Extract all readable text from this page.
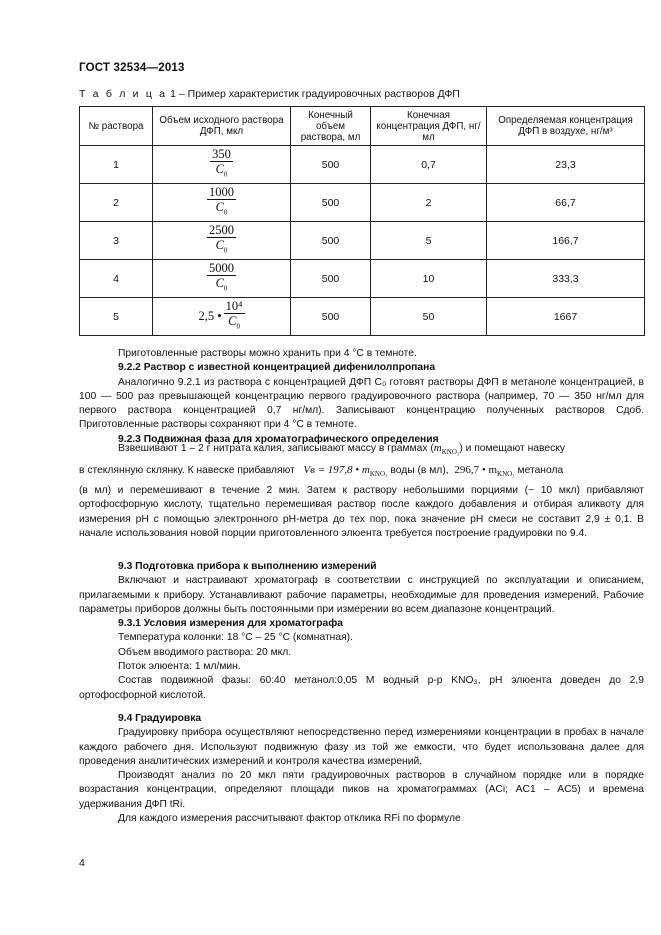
ГОСТ 32534—2013
Т а б л и ц а 1 – Пример характеристик градуировочных растворов ДФП
№ раствора	Объем исходного раствора ДФП, мкл	Конечный объем раствора, мл	Конечная концентрация ДФП, нг/мл	Определяемая концентрация ДФП в воздухе, нг/м³
1	$\frac{350}{C_0}$	500	0,7	23,3
2	$\frac{1000}{C_0}$	500	2	66,7
3	$\frac{2500}{C_0}$	500	5	166,7
4	$\frac{5000}{C_0}$	500	10	333,3
5	2,5 • $\frac{\text{10⁴}}{C_0}$	500	50	1667

Приготовленные растворы можно хранить при 4 °С в темноте.

9.2.2 Раствор с известной концентрацией дифенилолпропана

Аналогично 9.2.1 из раствора с концентрацией ДФП C₀ готовят растворы ДФП в метаноле концентрацией, в 100 — 500 раз превышающей концентрацию первого градуировочного раствора (например, 70 — 350 нг/мл для первого раствора концентрацией 0,7 нг/мл). Записывают концентрацию полученных растворов Cдоб. Приготовленные растворы сохраняют при 4 °С в темноте.

9.2.3 Подвижная фаза для хроматографического определения

Взвешивают 1 – 2 г нитрата калия, записывают массу в граммах $(m_{KNO_3})$ и помещают навеску

в стеклянную склянку. К навеске прибавляют Vв = 197,8 • $m_{KNO_3}$ воды (в мл), 296,7 • $m_{KNO_3}$ метанола

(в мл) и перемешивают в течение 2 мин. Затем к раствору небольшими порциями (~ 10 мкл) прибавляют ортофосфорную кислоту, тщательно перемешивая раствор после каждого добавления и отбирая аликвоту для измерения pH с помощью электронного pH-метра до тех пор, пока значение pH смеси не составит 2,9 ± 0,1. В начале использования новой порции приготовленного элюента требуется построение градуировки по 9.4.

9.3 Подготовка прибора к выполнению измерений

Включают и настраивают хроматограф в соответствии с инструкцией по эксплуатации и описанием, прилагаемыми к прибору. Устанавливают рабочие параметры, необходимые для проведения измерений. Рабочие параметры приборов должны быть постоянными при измерении во всем диапазоне концентраций.

9.3.1 Условия измерения для хроматографа

Температура колонки: 18 °С – 25 °С (комнатная).

Объем вводимого раствора: 20 мкл.

Поток элюента: 1 мл/мин.

Состав подвижной фазы: 60:40 метанол:0,05 М водный р-р KNO₃, pH элюента доведен до 2,9 ортофосфорной кислотой.

9.4 Градуировка

Градуировку прибора осуществляют непосредственно перед измерениями концентрации в пробах в начале каждого рабочего дня. Используют подвижную фазу из той же емкости, что будет использована далее для проведения аналитических измерений и контроля качества измерений.

Производят анализ по 20 мкл пяти градуировочных растворов в случайном порядке или в порядке возрастания концентрации, определяют площади пиков на хроматограммах (ACi; AC1 – AC5) и времена удерживания ДФП tRi.

Для каждого измерения рассчитывают фактор отклика RFi по формуле

4
